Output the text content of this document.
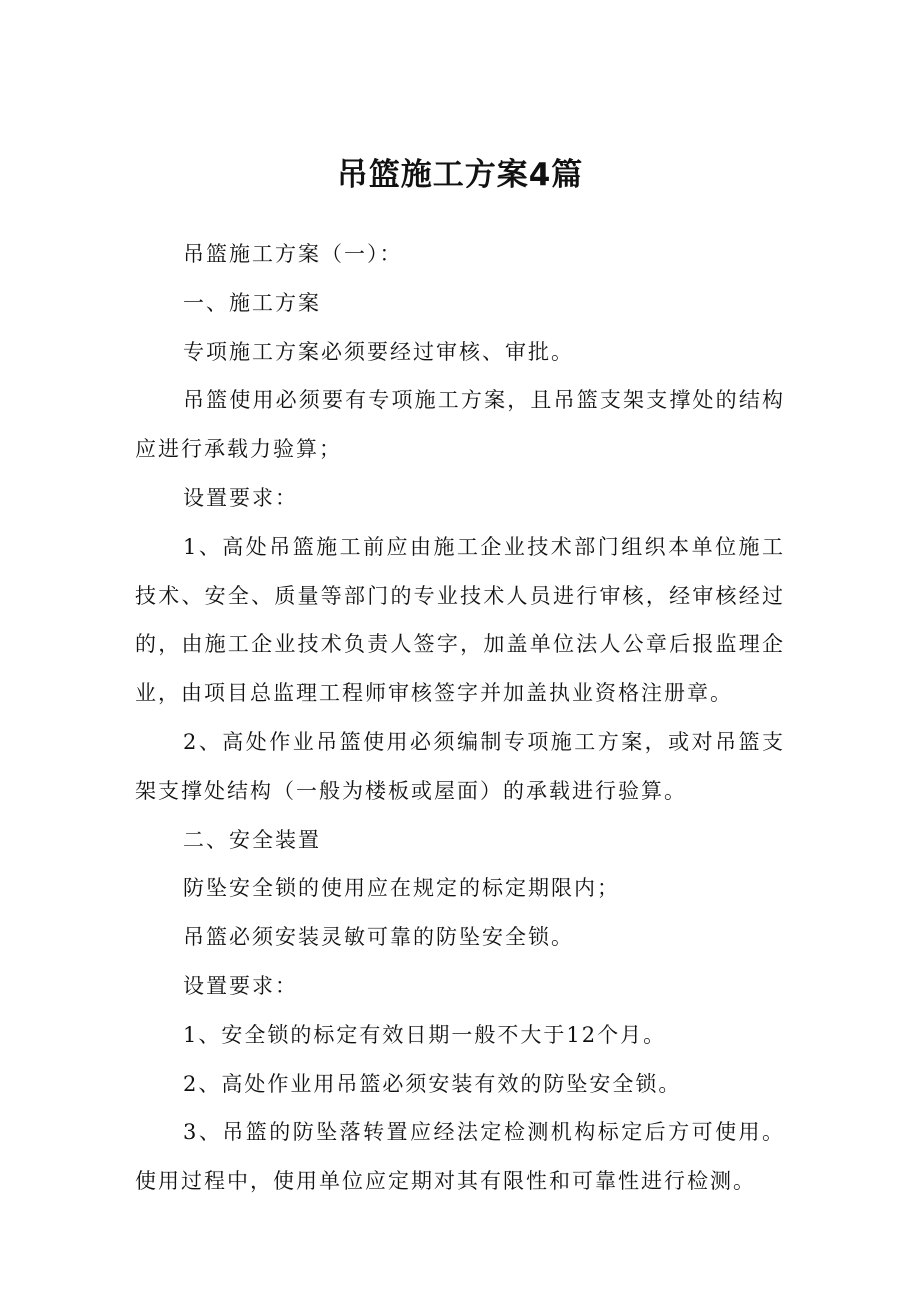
吊篮施工方案4篇

吊篮施工方案（一）：

一、施工方案

专项施工方案必须要经过审核、审批。

吊篮使用必须要有专项施工方案，且吊篮支架支撑处的结构应进行承载力验算；

设置要求：

1、高处吊篮施工前应由施工企业技术部门组织本单位施工技术、安全、质量等部门的专业技术人员进行审核，经审核经过的，由施工企业技术负责人签字，加盖单位法人公章后报监理企业，由项目总监理工程师审核签字并加盖执业资格注册章。

2、高处作业吊篮使用必须编制专项施工方案，或对吊篮支架支撑处结构（一般为楼板或屋面）的承载进行验算。

二、安全装置

防坠安全锁的使用应在规定的标定期限内；

吊篮必须安装灵敏可靠的防坠安全锁。

设置要求：

1、安全锁的标定有效日期一般不大于12个月。

2、高处作业用吊篮必须安装有效的防坠安全锁。

3、吊篮的防坠落转置应经法定检测机构标定后方可使用。使用过程中，使用单位应定期对其有限性和可靠性进行检测。
